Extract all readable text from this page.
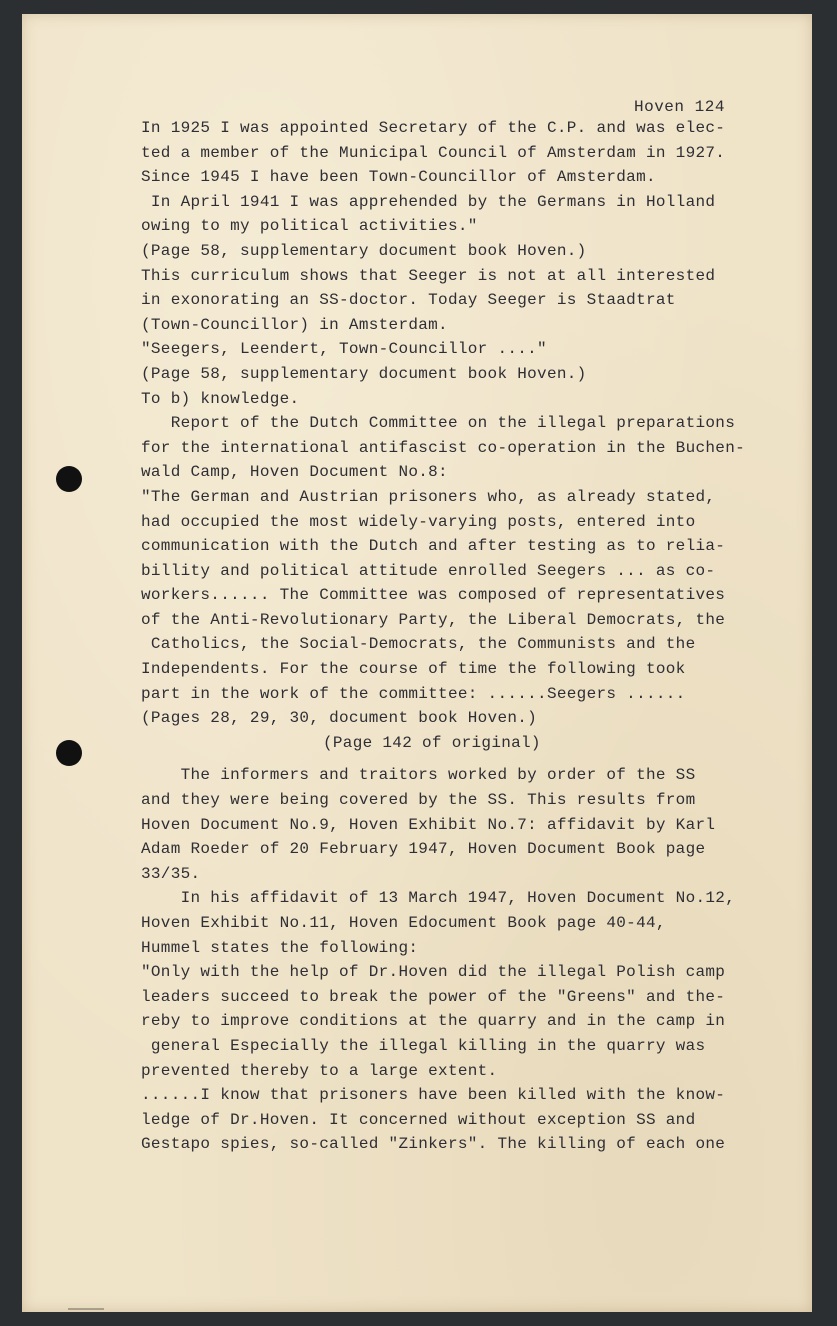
Hoven 124
In 1925 I was appointed Secretary of the C.P. and was elec-
ted a member of the Municipal Council of Amsterdam in 1927.
Since 1945 I have been Town-Councillor of Amsterdam.
In April 1941 I was apprehended by the Germans in Holland
owing to my political activities."
(Page 58, supplementary document book Hoven.)
This curriculum shows that Seeger is not at all interested
in exonorating an SS-doctor. Today Seeger is Staadtrat
(Town-Councillor) in Amsterdam.
"Seegers, Leendert, Town-Councillor ...."
(Page 58, supplementary document book Hoven.)
To b) knowledge.
Report of the Dutch Committee on the illegal preparations
for the international antifascist co-operation in the Buchen-
wald Camp, Hoven Document No.8:
"The German and Austrian prisoners who, as already stated,
had occupied the most widely-varying posts, entered into
communication with the Dutch and after testing as to relia-
billity and political attitude enrolled Seegers ... as co-
workers...... The Committee was composed of representatives
of the Anti-Revolutionary Party, the Liberal Democrats, the
Catholics, the Social-Democrats, the Communists and the
Independents. For the course of time the following took
part in the work of the committee: ......Seegers ......
(Pages 28, 29, 30, document book Hoven.)
(Page 142 of original)
The informers and traitors worked by order of the SS
and they were being covered by the SS. This results from
Hoven Document No.9, Hoven Exhibit No.7: affidavit by Karl
Adam Roeder of 20 February 1947, Hoven Document Book page
33/35.
In his affidavit of 13 March 1947, Hoven Document No.12,
Hoven Exhibit No.11, Hoven Edocument Book page 40-44,
Hummel states the following:
"Only with the help of Dr.Hoven did the illegal Polish camp
leaders succeed to break the power of the "Greens" and the-
reby to improve conditions at the quarry and in the camp in
general Especially the illegal killing in the quarry was
prevented thereby to a large extent.
......I know that prisoners have been killed with the know-
ledge of Dr.Hoven. It concerned without exception SS and
Gestapo spies, so-called "Zinkers". The killing of each one
